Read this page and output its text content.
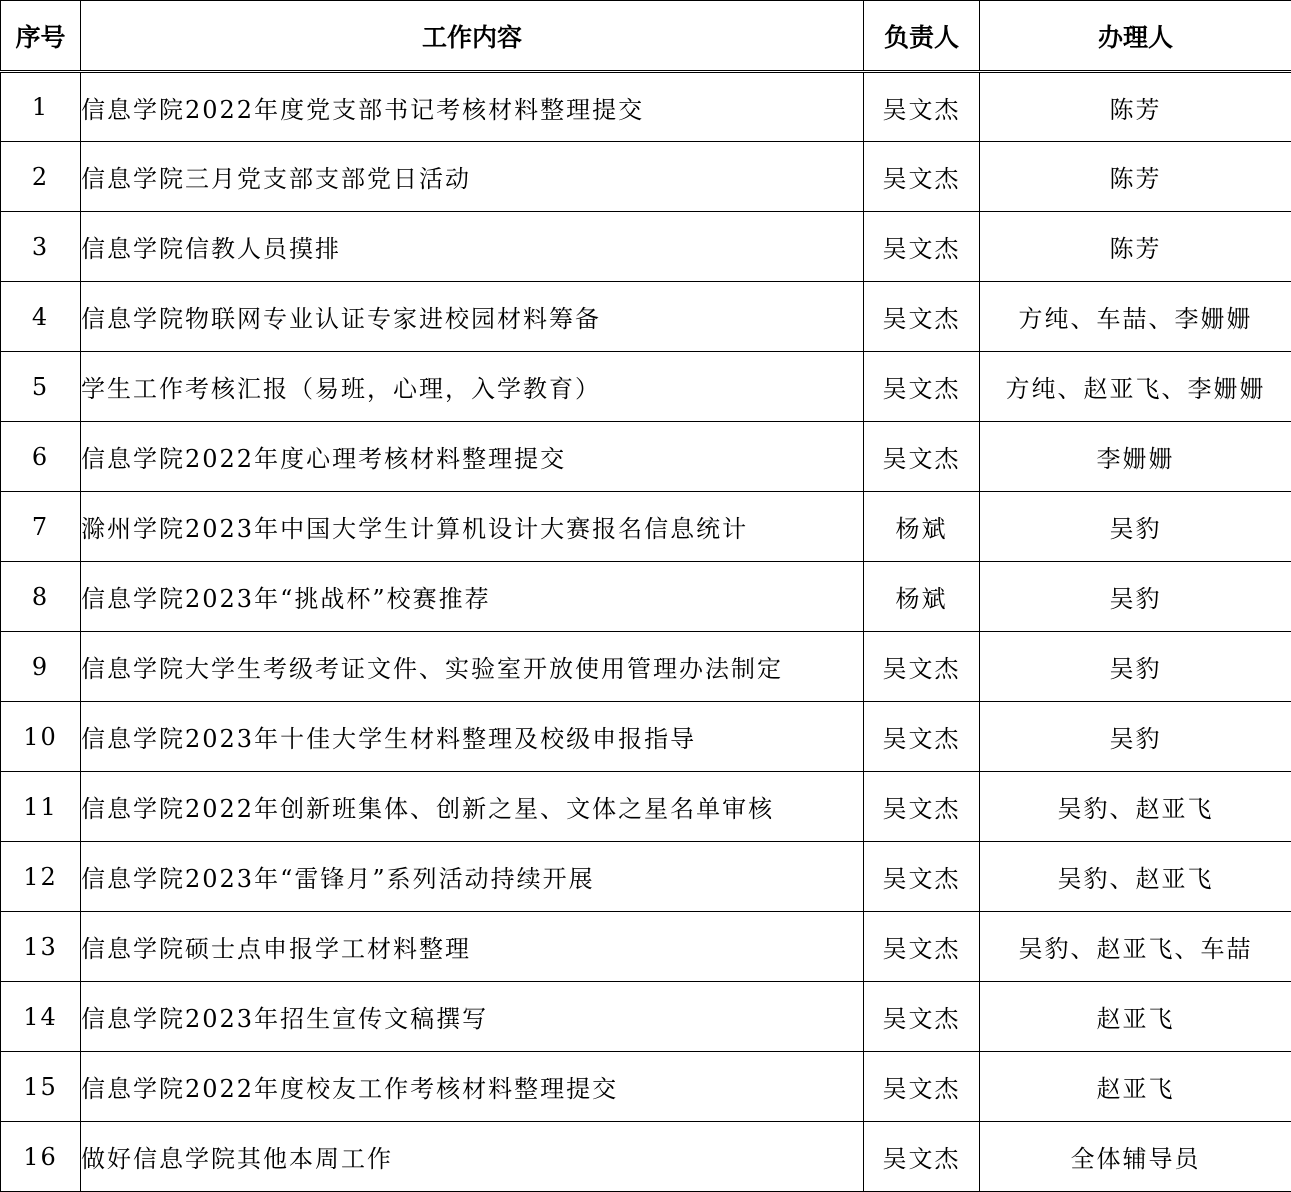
序号	工作内容	负责人	办理人
1	信息学院2022年度党支部书记考核材料整理提交	吴文杰	陈芳
2	信息学院三月党支部支部党日活动	吴文杰	陈芳
3	信息学院信教人员摸排	吴文杰	陈芳
4	信息学院物联网专业认证专家进校园材料筹备	吴文杰	方纯、车喆、李姗姗
5	学生工作考核汇报（易班，心理，入学教育）	吴文杰	方纯、赵亚飞、李姗姗
6	信息学院2022年度心理考核材料整理提交	吴文杰	李姗姗
7	滁州学院2023年中国大学生计算机设计大赛报名信息统计	杨斌	吴豹
8	信息学院2023年“挑战杯”校赛推荐	杨斌	吴豹
9	信息学院大学生考级考证文件、实验室开放使用管理办法制定	吴文杰	吴豹
10	信息学院2023年十佳大学生材料整理及校级申报指导	吴文杰	吴豹
11	信息学院2022年创新班集体、创新之星、文体之星名单审核	吴文杰	吴豹、赵亚飞
12	信息学院2023年“雷锋月”系列活动持续开展	吴文杰	吴豹、赵亚飞
13	信息学院硕士点申报学工材料整理	吴文杰	吴豹、赵亚飞、车喆
14	信息学院2023年招生宣传文稿撰写	吴文杰	赵亚飞
15	信息学院2022年度校友工作考核材料整理提交	吴文杰	赵亚飞
16	做好信息学院其他本周工作	吴文杰	全体辅导员
